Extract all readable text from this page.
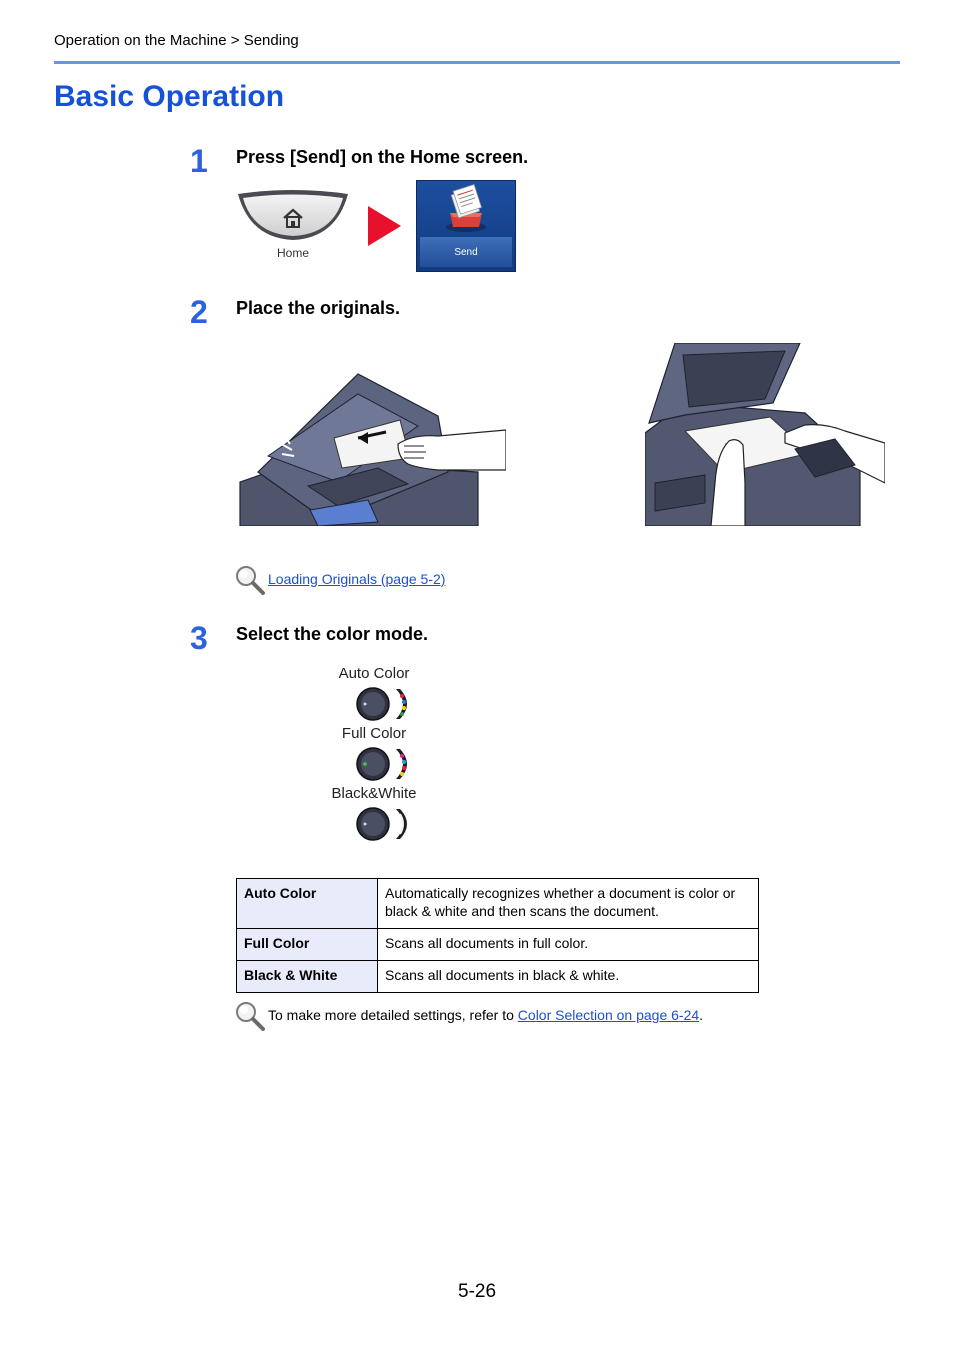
Operation on the Machine > Sending
Basic Operation
1 Press [Send] on the Home screen.
Home	Send
2 Place the originals.
Loading Originals (page 5-2)
3 Select the color mode.
Auto Color
Full Color
Black&White
Auto Color	Automatically recognizes whether a document is color or black & white and then scans the document.
Full Color	Scans all documents in full color.
Black & White	Scans all documents in black & white.
To make more detailed settings, refer to Color Selection on page 6-24.
5-26
